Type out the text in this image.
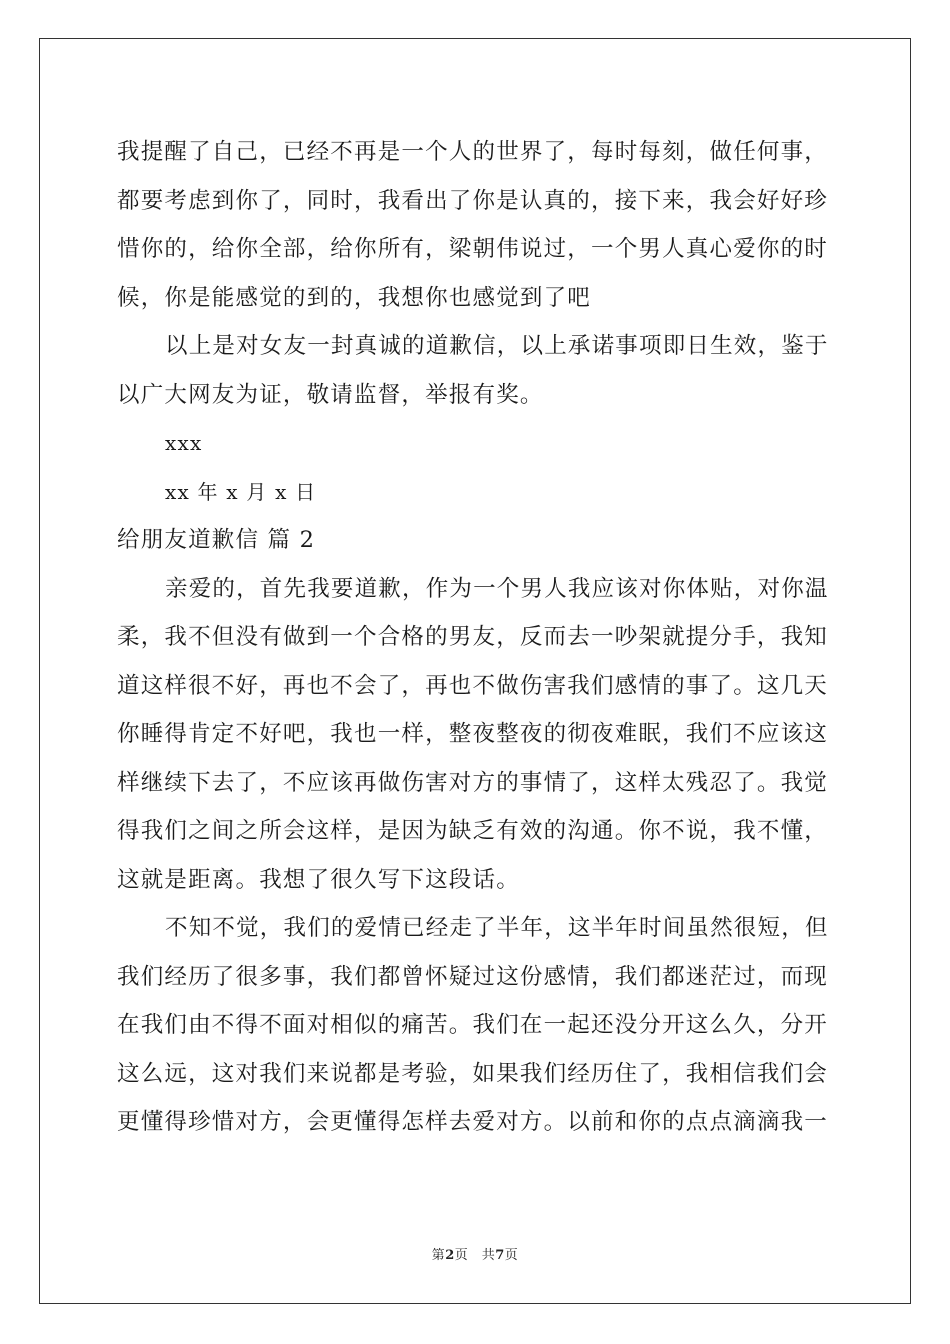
我提醒了自己，已经不再是一个人的世界了，每时每刻，做任何事，
都要考虑到你了，同时，我看出了你是认真的，接下来，我会好好珍
惜你的，给你全部，给你所有，梁朝伟说过，一个男人真心爱你的时
候，你是能感觉的到的，我想你也感觉到了吧
以上是对女友一封真诚的道歉信，以上承诺事项即日生效，鉴于
以广大网友为证，敬请监督，举报有奖。
xxx
xx 年 x 月 x 日
给朋友道歉信 篇 2
亲爱的，首先我要道歉，作为一个男人我应该对你体贴，对你温
柔，我不但没有做到一个合格的男友，反而去一吵架就提分手，我知
道这样很不好，再也不会了，再也不做伤害我们感情的事了。这几天
你睡得肯定不好吧，我也一样，整夜整夜的彻夜难眠，我们不应该这
样继续下去了，不应该再做伤害对方的事情了，这样太残忍了。我觉
得我们之间之所会这样，是因为缺乏有效的沟通。你不说，我不懂，
这就是距离。我想了很久写下这段话。
不知不觉，我们的爱情已经走了半年，这半年时间虽然很短，但
我们经历了很多事，我们都曾怀疑过这份感情，我们都迷茫过，而现
在我们由不得不面对相似的痛苦。我们在一起还没分开这么久，分开
这么远，这对我们来说都是考验，如果我们经历住了，我相信我们会
更懂得珍惜对方，会更懂得怎样去爱对方。以前和你的点点滴滴我一
第2页　共7页
